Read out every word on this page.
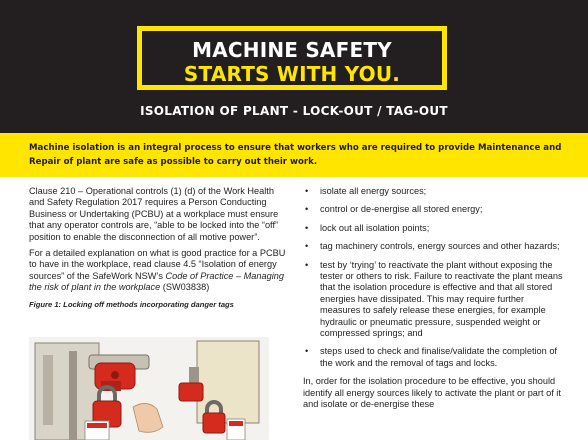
MACHINE SAFETY
STARTS WITH YOU.
ISOLATION OF PLANT - LOCK-OUT / TAG-OUT

Machine isolation is an integral process to ensure that workers who are required to provide Maintenance and Repair of plant are safe as possible to carry out their work.

Clause 210 – Operational controls (1) (d) of the Work Health and Safety Regulation 2017 requires a Person Conducting Business or Undertaking (PCBU) at a workplace must ensure that any operator controls are, “able to be locked into the “off” position to enable the disconnection of all motive power”.

For a detailed explanation on what is good practice for a PCBU to have in the workplace, read clause 4.5 “Isolation of energy sources” of the SafeWork NSW’s Code of Practice – Managing the risk of plant in the workplace (SW03838)

Figure 1: Locking off methods incorporating danger tags
• isolate all energy sources;
• control or de-energise all stored energy;
• lock out all isolation points;
• tag machinery controls, energy sources and other hazards;
• test by ‘trying’ to reactivate the plant without exposing the tester or others to risk. Failure to reactivate the plant means that the isolation procedure is effective and that all stored energies have dissipated. This may require further measures to safely release these energies, for example hydraulic or pneumatic pressure, suspended weight or compressed springs; and
• steps used to check and finalise/validate the completion of the work and the removal of tags and locks.

In, order for the isolation procedure to be effective, you should identify all energy sources likely to activate the plant or part of it and isolate or de-energise these
